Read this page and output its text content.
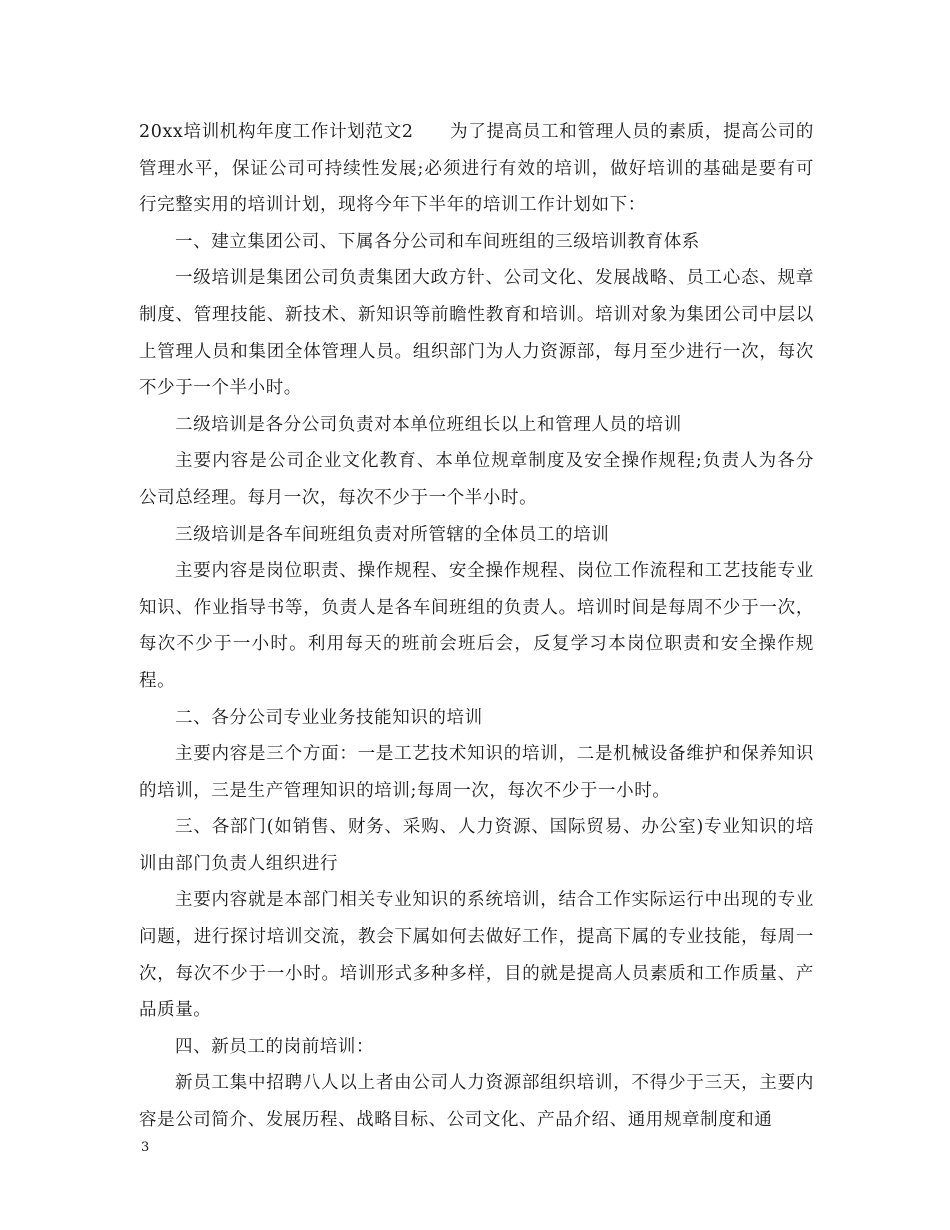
20xx培训机构年度工作计划范文2　　为了提高员工和管理人员的素质，提高公司的管理水平，保证公司可持续性发展;必须进行有效的培训，做好培训的基础是要有可行完整实用的培训计划，现将今年下半年的培训工作计划如下：

一、建立集团公司、下属各分公司和车间班组的三级培训教育体系

一级培训是集团公司负责集团大政方针、公司文化、发展战略、员工心态、规章制度、管理技能、新技术、新知识等前瞻性教育和培训。培训对象为集团公司中层以上管理人员和集团全体管理人员。组织部门为人力资源部，每月至少进行一次，每次不少于一个半小时。

二级培训是各分公司负责对本单位班组长以上和管理人员的培训

主要内容是公司企业文化教育、本单位规章制度及安全操作规程;负责人为各分公司总经理。每月一次，每次不少于一个半小时。

三级培训是各车间班组负责对所管辖的全体员工的培训

主要内容是岗位职责、操作规程、安全操作规程、岗位工作流程和工艺技能专业知识、作业指导书等，负责人是各车间班组的负责人。培训时间是每周不少于一次，每次不少于一小时。利用每天的班前会班后会，反复学习本岗位职责和安全操作规程。

二、各分公司专业业务技能知识的培训

主要内容是三个方面：一是工艺技术知识的培训，二是机械设备维护和保养知识的培训，三是生产管理知识的培训;每周一次，每次不少于一小时。

三、各部门(如销售、财务、采购、人力资源、国际贸易、办公室)专业知识的培训由部门负责人组织进行

主要内容就是本部门相关专业知识的系统培训，结合工作实际运行中出现的专业问题，进行探讨培训交流，教会下属如何去做好工作，提高下属的专业技能，每周一次，每次不少于一小时。培训形式多种多样，目的就是提高人员素质和工作质量、产品质量。

四、新员工的岗前培训：

新员工集中招聘八人以上者由公司人力资源部组织培训，不得少于三天，主要内容是公司简介、发展历程、战略目标、公司文化、产品介绍、通用规章制度和通

3
